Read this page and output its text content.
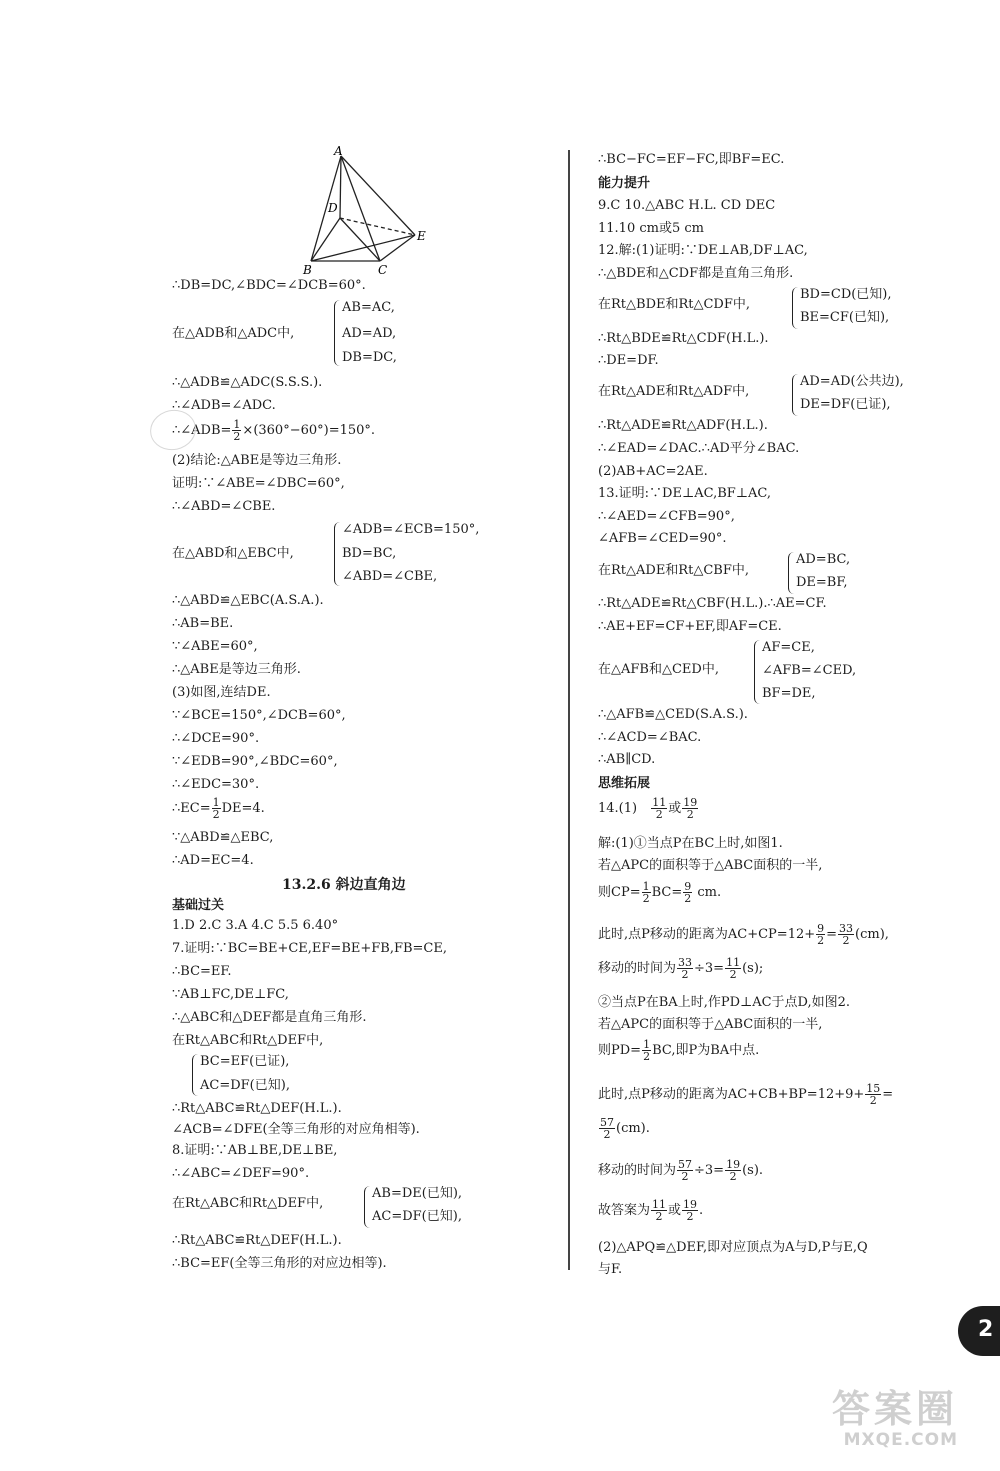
A
D
E
B	C
∴DB=DC,∠BDC=∠DCB=60°.
在△ADB和△ADC中,
AB=AC,
AD=AD,
DB=DC,
∴△ADB≌△ADC(S.S.S.).
∴∠ADB=∠ADC.
∴∠ADB= $\frac{1}{2} \times(360^\circ-60^\circ)=150^\circ$.
(2)结论:△ABE是等边三角形.
证明:∵∠ABE=∠DBC=60°,
∴∠ABD=∠CBE.
在△ABD和△EBC中,
∠ADB=∠ECB=150°,
BD=BC,
∠ABD=∠CBE,
∴△ABD≌△EBC(A.S.A.).
∴AB=BE.
∵∠ABE=60°,
∴△ABE是等边三角形.
(3)如图,连结DE.
∵∠BCE=150°,∠DCB=60°,
∴∠DCE=90°.
∵∠EDB=90°,∠BDC=60°,
∴∠EDC=30°.
∴EC= $\frac{1}{2} DE=4$.
∵△ABD≌△EBC,
∴AD=EC=4.
13.2.6 斜边直角边
基础过关
1.D 2.C 3.A 4.C 5.5 6.40°
7.证明:∵BC=BE+CE,EF=BE+FB,FB=CE,
∴BC=EF.
∵AB⊥FC,DE⊥FC,
∴△ABC和△DEF都是直角三角形.
在Rt△ABC和Rt△DEF中,
BC=EF(已证),
AC=DF(已知),
∴Rt△ABC≌Rt△DEF(H.L.).
∠ACB=∠DFE(全等三角形的对应角相等).
8.证明:∵AB⊥BE,DE⊥BE,
∴∠ABC=∠DEF=90°.
在Rt△ABC和Rt△DEF中,
AB=DE(已知),
AC=DF(已知),
∴Rt△ABC≌Rt△DEF(H.L.).
∴BC=EF(全等三角形的对应边相等).
∴BC−FC=EF−FC,即BF=EC.
能力提升
9.C 10.△ABC H.L. CD DEC
11.10 cm或5 cm
12.解:(1)证明:∵DE⊥AB,DF⊥AC,
∴△BDE和△CDF都是直角三角形.
在Rt△BDE和Rt△CDF中,
BD=CD(已知),
BE=CF(已知),
∴Rt△BDE≌Rt△CDF(H.L.).
∴DE=DF.
在Rt△ADE和Rt△ADF中,
AD=AD(公共边),
DE=DF(已证),
∴Rt△ADE≌Rt△ADF(H.L.).
∴∠EAD=∠DAC.∴AD平分∠BAC.
(2)AB+AC=2AE.
13.证明:∵DE⊥AC,BF⊥AC,
∴∠AED=∠CFB=90°,
∠AFB=∠CED=90°.
在Rt△ADE和Rt△CBF中,
AD=BC,
DE=BF,
∴Rt△ADE≌Rt△CBF(H.L.).∴AE=CF.
∴AE+EF=CF+EF,即AF=CE.
在△AFB和△CED中,
AF=CE,
∠AFB=∠CED,
BF=DE,
∴△AFB≌△CED(S.A.S.).
∴∠ACD=∠BAC.
∴AB∥CD.
思维拓展
$14.(1) \frac{11}{2}$ 或 $\frac{19}{2}$
解:(1)①当点P在BC上时,如图1.
若△APC的面积等于△ABC面积的一半,
则$CP= \frac{1}{2} BC= \frac{9}{2}$ cm.
此时,点P移动的距离为$AC+CP=12+ \frac{9}{2} = \frac{33}{2} (cm)$,
移动的时间为 $\frac{33}{2} \div 3= \frac{11}{2} (s)$;
②当点P在BA上时,作PD⊥AC于点D,如图2.
若△APC的面积等于△ABC面积的一半,
则$PD= \frac{1}{2}$ BC,即P为BA中点.
此时,点P移动的距离为$AC+CB+BP=12+9+ \frac{15}{2}$ =
$\frac{57}{2} (cm)$.
移动的时间为 $\frac{57}{2} \div 3= \frac{19}{2} (s)$.
故答案为 $\frac{11}{2}$ 或 $\frac{19}{2}$ .
(2)△APQ≌△DEF,即对应顶点为A与D,P与E,Q
与F.
2
答案圈
MXQE.COM
